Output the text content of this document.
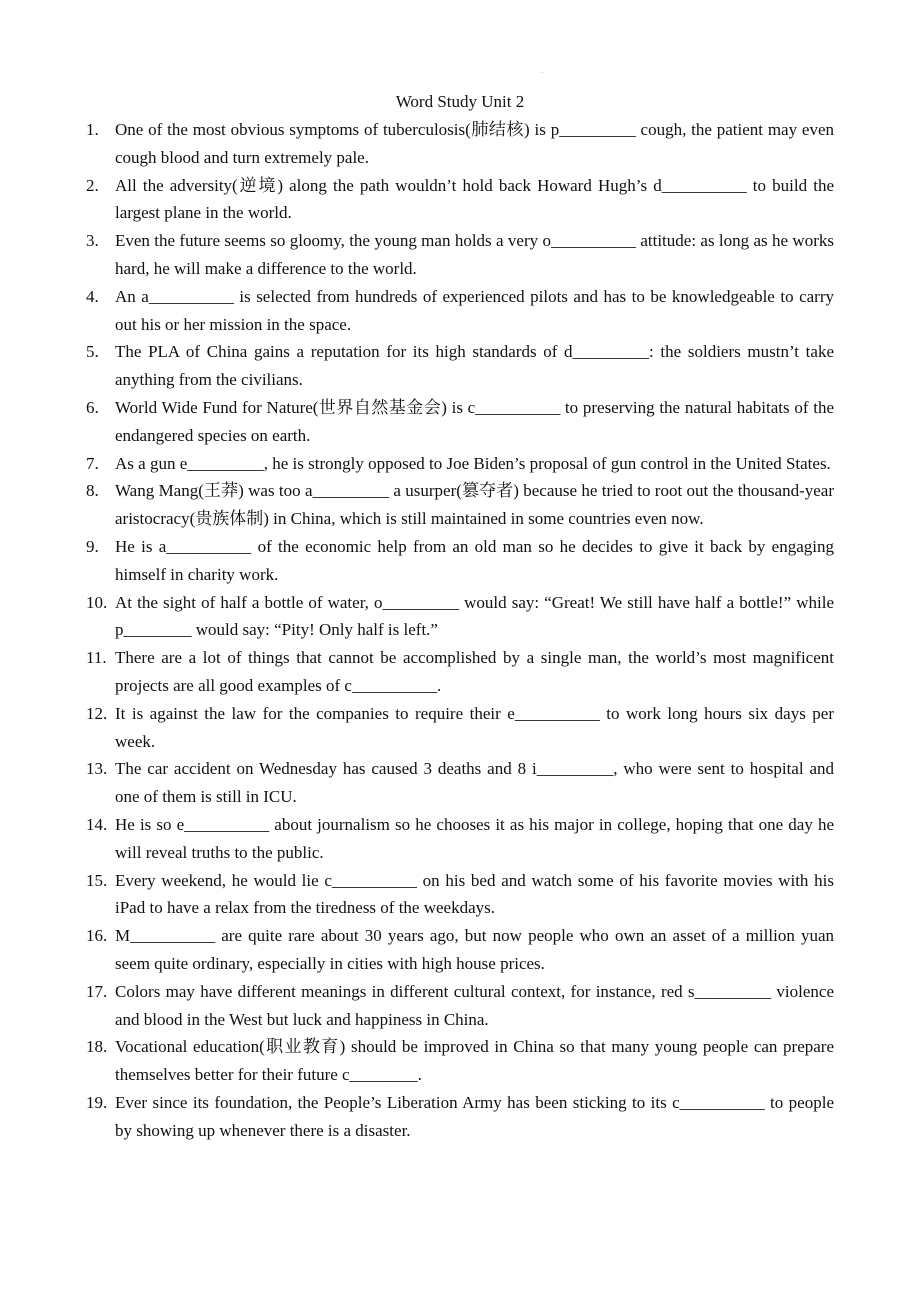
Word Study Unit 2
1. One of the most obvious symptoms of tuberculosis(肺结核) is p_________ cough, the patient may even cough blood and turn extremely pale.
2. All the adversity(逆境) along the path wouldn’t hold back Howard Hugh’s d__________ to build the largest plane in the world.
3. Even the future seems so gloomy, the young man holds a very o__________ attitude: as long as he works hard, he will make a difference to the world.
4. An a__________ is selected from hundreds of experienced pilots and has to be knowledgeable to carry out his or her mission in the space.
5. The PLA of China gains a reputation for its high standards of d_________: the soldiers mustn’t take anything from the civilians.
6. World Wide Fund for Nature(世界自然基金会) is c__________ to preserving the natural habitats of the endangered species on earth.
7. As a gun e_________, he is strongly opposed to Joe Biden’s proposal of gun control in the United States.
8. Wang Mang(王莽) was too a_________ a usurper(篡夺者) because he tried to root out the thousand-year aristocracy(贵族体制) in China, which is still maintained in some countries even now.
9. He is a__________ of the economic help from an old man so he decides to give it back by engaging himself in charity work.
10. At the sight of half a bottle of water, o_________ would say: “Great! We still have half a bottle!” while p________ would say: “Pity! Only half is left.”
11. There are a lot of things that cannot be accomplished by a single man, the world’s most magnificent projects are all good examples of c__________.
12. It is against the law for the companies to require their e__________ to work long hours six days per week.
13. The car accident on Wednesday has caused 3 deaths and 8 i_________, who were sent to hospital and one of them is still in ICU.
14. He is so e__________ about journalism so he chooses it as his major in college, hoping that one day he will reveal truths to the public.
15. Every weekend, he would lie c__________ on his bed and watch some of his favorite movies with his iPad to have a relax from the tiredness of the weekdays.
16. M__________ are quite rare about 30 years ago, but now people who own an asset of a million yuan seem quite ordinary, especially in cities with high house prices.
17. Colors may have different meanings in different cultural context, for instance, red s_________ violence and blood in the West but luck and happiness in China.
18. Vocational education(职业教育) should be improved in China so that many young people can prepare themselves better for their future c________.
19. Ever since its foundation, the People’s Liberation Army has been sticking to its c__________ to people by showing up whenever there is a disaster.
